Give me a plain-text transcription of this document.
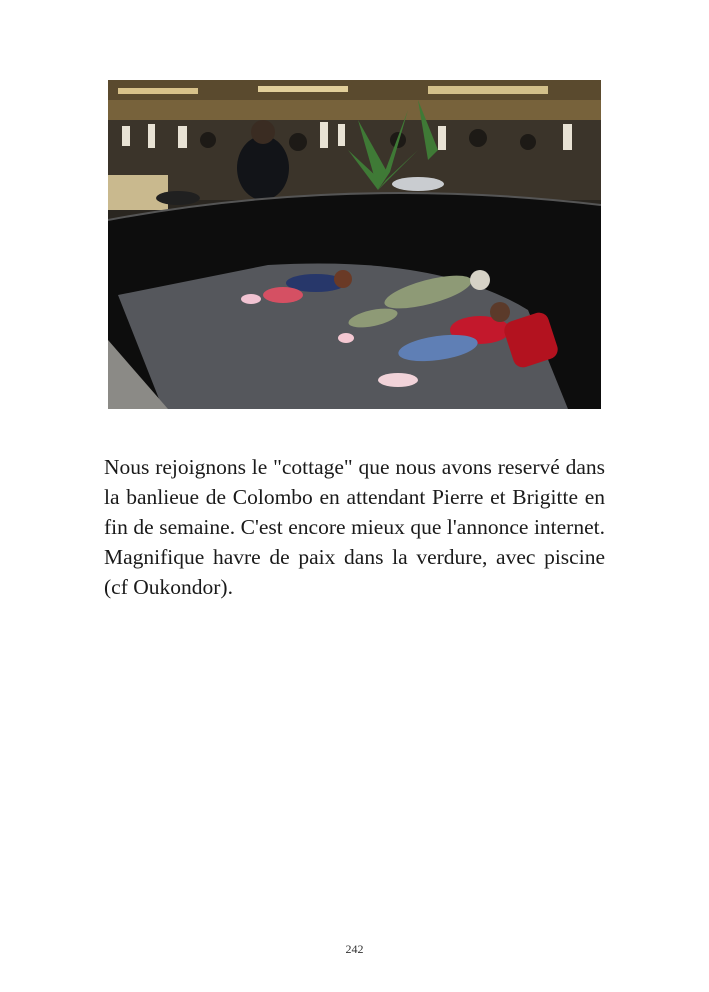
Nous rejoignons le "cottage" que nous avons reservé dans la banlieue de Colombo en attendant Pierre et Brigitte en fin de semaine. C'est encore mieux que l'annonce internet. Magnifique havre de paix dans la verdure, avec piscine (cf Oukondor).

242
